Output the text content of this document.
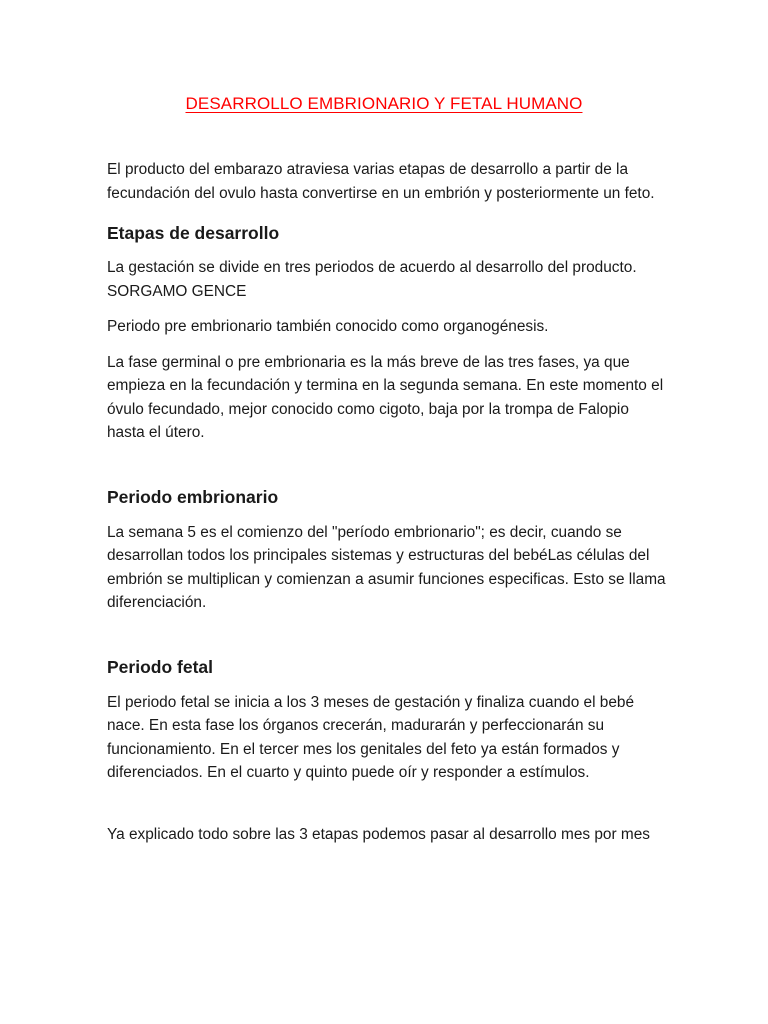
DESARROLLO EMBRIONARIO Y FETAL HUMANO

El producto del embarazo atraviesa varias etapas de desarrollo a partir de la fecundación del ovulo hasta convertirse en un embrión y posteriormente un feto.

Etapas de desarrollo

La gestación se divide en tres periodos de acuerdo al desarrollo del producto. SORGAMO GENCE

Periodo pre embrionario también conocido como organogénesis.

La fase germinal o pre embrionaria es la más breve de las tres fases, ya que empieza en la fecundación y termina en la segunda semana. En este momento el óvulo fecundado, mejor conocido como cigoto, baja por la trompa de Falopio hasta el útero.

Periodo embrionario

La semana 5 es el comienzo del "período embrionario"; es decir, cuando se desarrollan todos los principales sistemas y estructuras del bebéLas células del embrión se multiplican y comienzan a asumir funciones especificas. Esto se llama diferenciación.

Periodo fetal

El periodo fetal se inicia a los 3 meses de gestación y finaliza cuando el bebé nace. En esta fase los órganos crecerán, madurarán y perfeccionarán su funcionamiento. En el tercer mes los genitales del feto ya están formados y diferenciados. En el cuarto y quinto puede oír y responder a estímulos.

Ya explicado todo sobre las 3 etapas podemos pasar al desarrollo mes por mes
